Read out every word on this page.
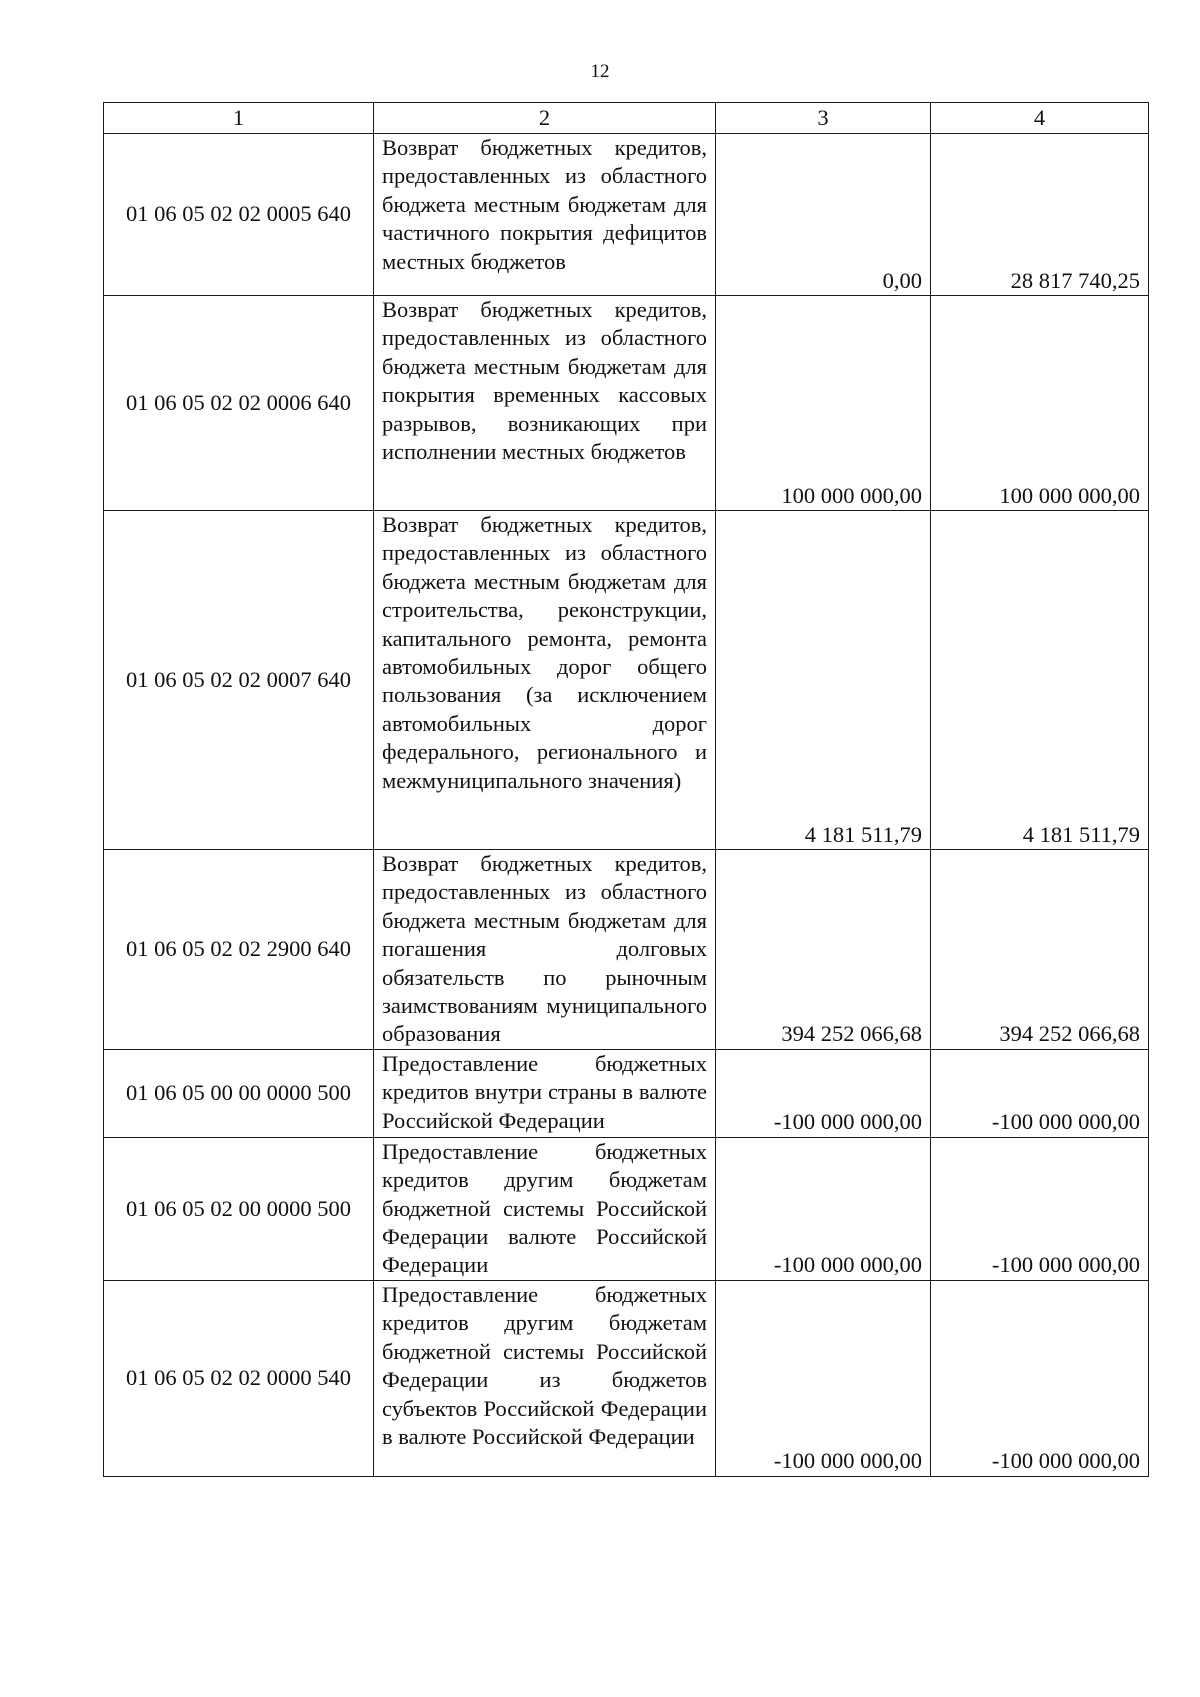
12
1	2	3	4
01 06 05 02 02 0005 640	Возврат бюджетных кредитов, предоставленных из областного бюджета местным бюджетам для частичного покрытия дефицитов местных бюджетов	0,00	28 817 740,25
01 06 05 02 02 0006 640	Возврат бюджетных кредитов, предоставленных из областного бюджета местным бюджетам для покрытия временных кассовых разрывов, возникающих при исполнении местных бюджетов	100 000 000,00	100 000 000,00
01 06 05 02 02 0007 640	Возврат бюджетных кредитов, предоставленных из областного бюджета местным бюджетам для строительства, реконструкции, капитального ремонта, ремонта автомобильных дорог общего пользования (за исключением автомобильных дорог федерального, регионального и межмуниципального значения)	4 181 511,79	4 181 511,79
01 06 05 02 02 2900 640	Возврат бюджетных кредитов, предоставленных из областного бюджета местным бюджетам для погашения долговых обязательств по рыночным заимствованиям муниципального образования	394 252 066,68	394 252 066,68
01 06 05 00 00 0000 500	Предоставление бюджетных кредитов внутри страны в валюте Российской Федерации	-100 000 000,00	-100 000 000,00
01 06 05 02 00 0000 500	Предоставление бюджетных кредитов другим бюджетам бюджетной системы Российской Федерации валюте Российской Федерации	-100 000 000,00	-100 000 000,00
01 06 05 02 02 0000 540	Предоставление бюджетных кредитов другим бюджетам бюджетной системы Российской Федерации из бюджетов субъектов Российской Федерации в валюте Российской Федерации	-100 000 000,00	-100 000 000,00
